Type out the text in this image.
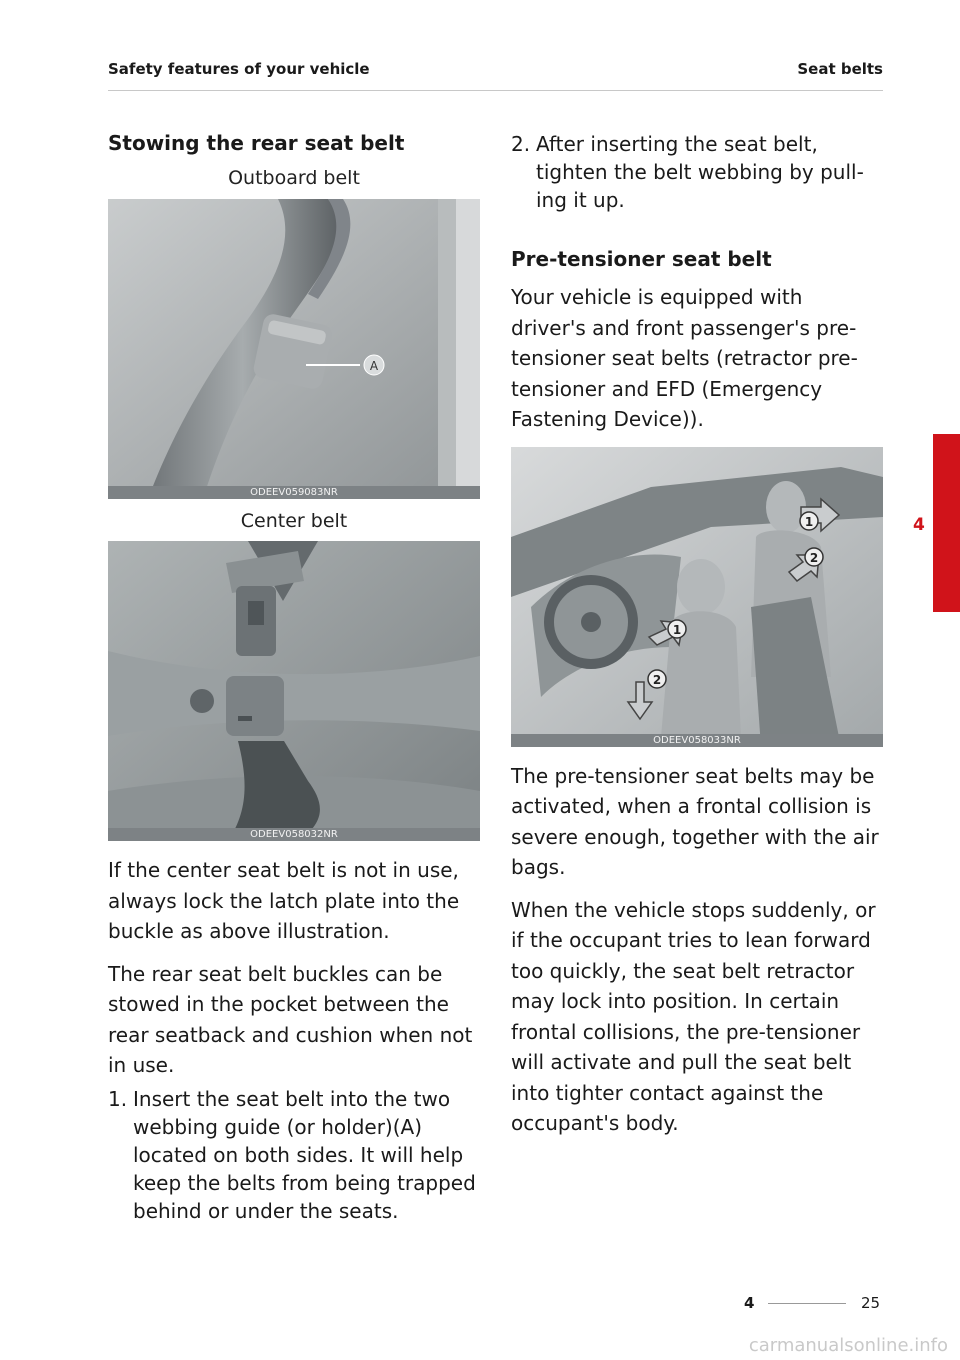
Safety features of your vehicle	Seat belts
Stowing the rear seat belt
Outboard belt
A
ODEEV059083NR
Center belt
ODEEV058032NR

If the center seat belt is not in use, always lock the latch plate into the buckle as above illustration.

The rear seat belt buckles can be stowed in the pocket between the rear seatback and cushion when not in use.

1. Insert the seat belt into the two webbing guide (or holder)(A) located on both sides. It will help keep the belts from being trapped behind or under the seats.
2. After inserting the seat belt, tighten the belt webbing by pull-ing it up.
Pre-tensioner seat belt

Your vehicle is equipped with driver's and front passenger's pre-tensioner seat belts (retractor pre-tensioner and EFD (Emergency Fastening Device)).

1
2
1
2
ODEEV058033NR

The pre-tensioner seat belts may be activated, when a frontal collision is severe enough, together with the air bags.

When the vehicle stops suddenly, or if the occupant tries to lean forward too quickly, the seat belt retractor may lock into position. In certain frontal collisions, the pre-tensioner will activate and pull the seat belt into tighter contact against the occupant's body.

4
4	25
carmanualsonline.info
